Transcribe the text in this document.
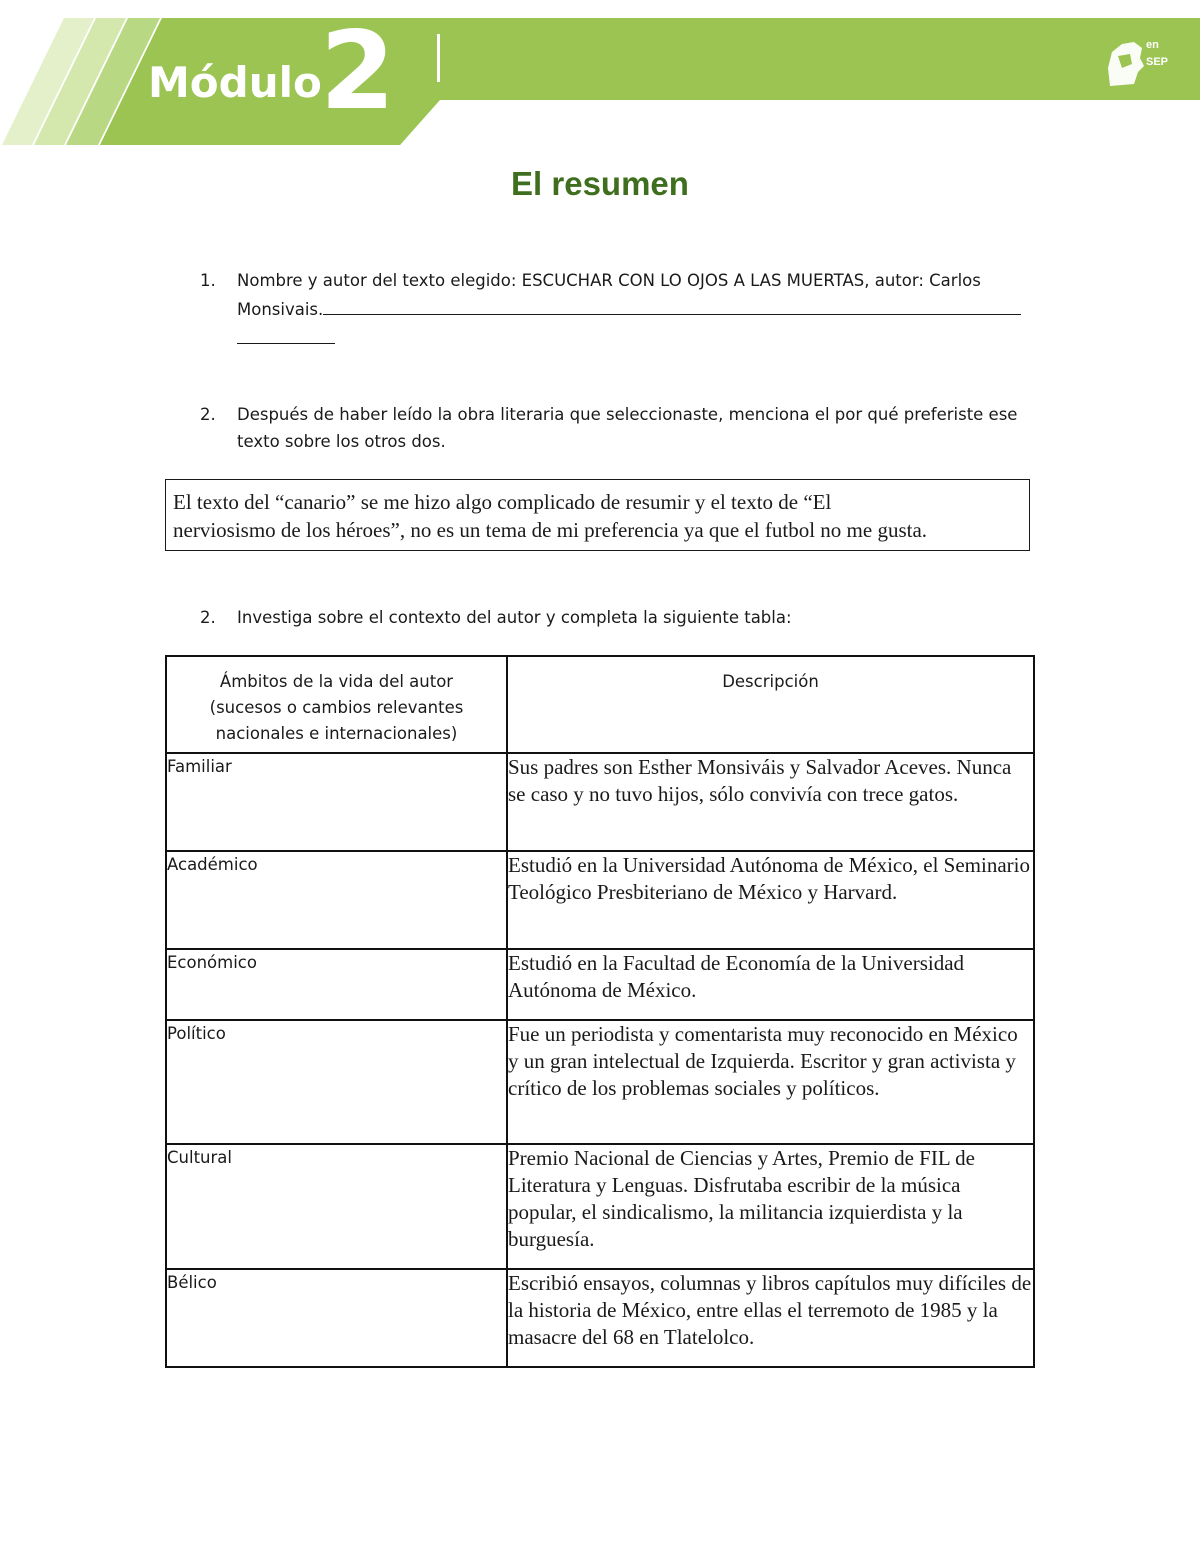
Módulo
2	en
SEP
El resumen
1. Nombre y autor del texto elegido: ESCUCHAR CON LO OJOS A LAS MUERTAS, autor: Carlos Monsivais.

2. Después de haber leído la obra literaria que seleccionaste, menciona el por qué preferiste ese texto sobre los otros dos.
El texto del “canario” se me hizo algo complicado de resumir y el texto de “El
nerviosismo de los héroes”, no es un tema de mi preferencia ya que el futbol no me gusta.
2. Investiga sobre el contexto del autor y completa la siguiente tabla:
Ámbitos de la vida del autor (sucesos o cambios relevantes nacionales e internacionales)	Descripción
Familiar	Sus padres son Esther Monsiváis y Salvador Aceves. Nunca se caso y no tuvo hijos, sólo convivía con trece gatos.
Académico	Estudió en la Universidad Autónoma de México, el Seminario Teológico Presbiteriano de México y Harvard.
Económico	Estudió en la Facultad de Economía de la Universidad Autónoma de México.
Político	Fue un periodista y comentarista muy reconocido en México y un gran intelectual de Izquierda. Escritor y gran activista y crítico de los problemas sociales y políticos.
Cultural	Premio Nacional de Ciencias y Artes, Premio de FIL de Literatura y Lenguas. Disfrutaba escribir de la música popular, el sindicalismo, la militancia izquierdista y la burguesía.
Bélico	Escribió ensayos, columnas y libros capítulos muy difíciles de la historia de México, entre ellas el terremoto de 1985 y la masacre del 68 en Tlatelolco.
